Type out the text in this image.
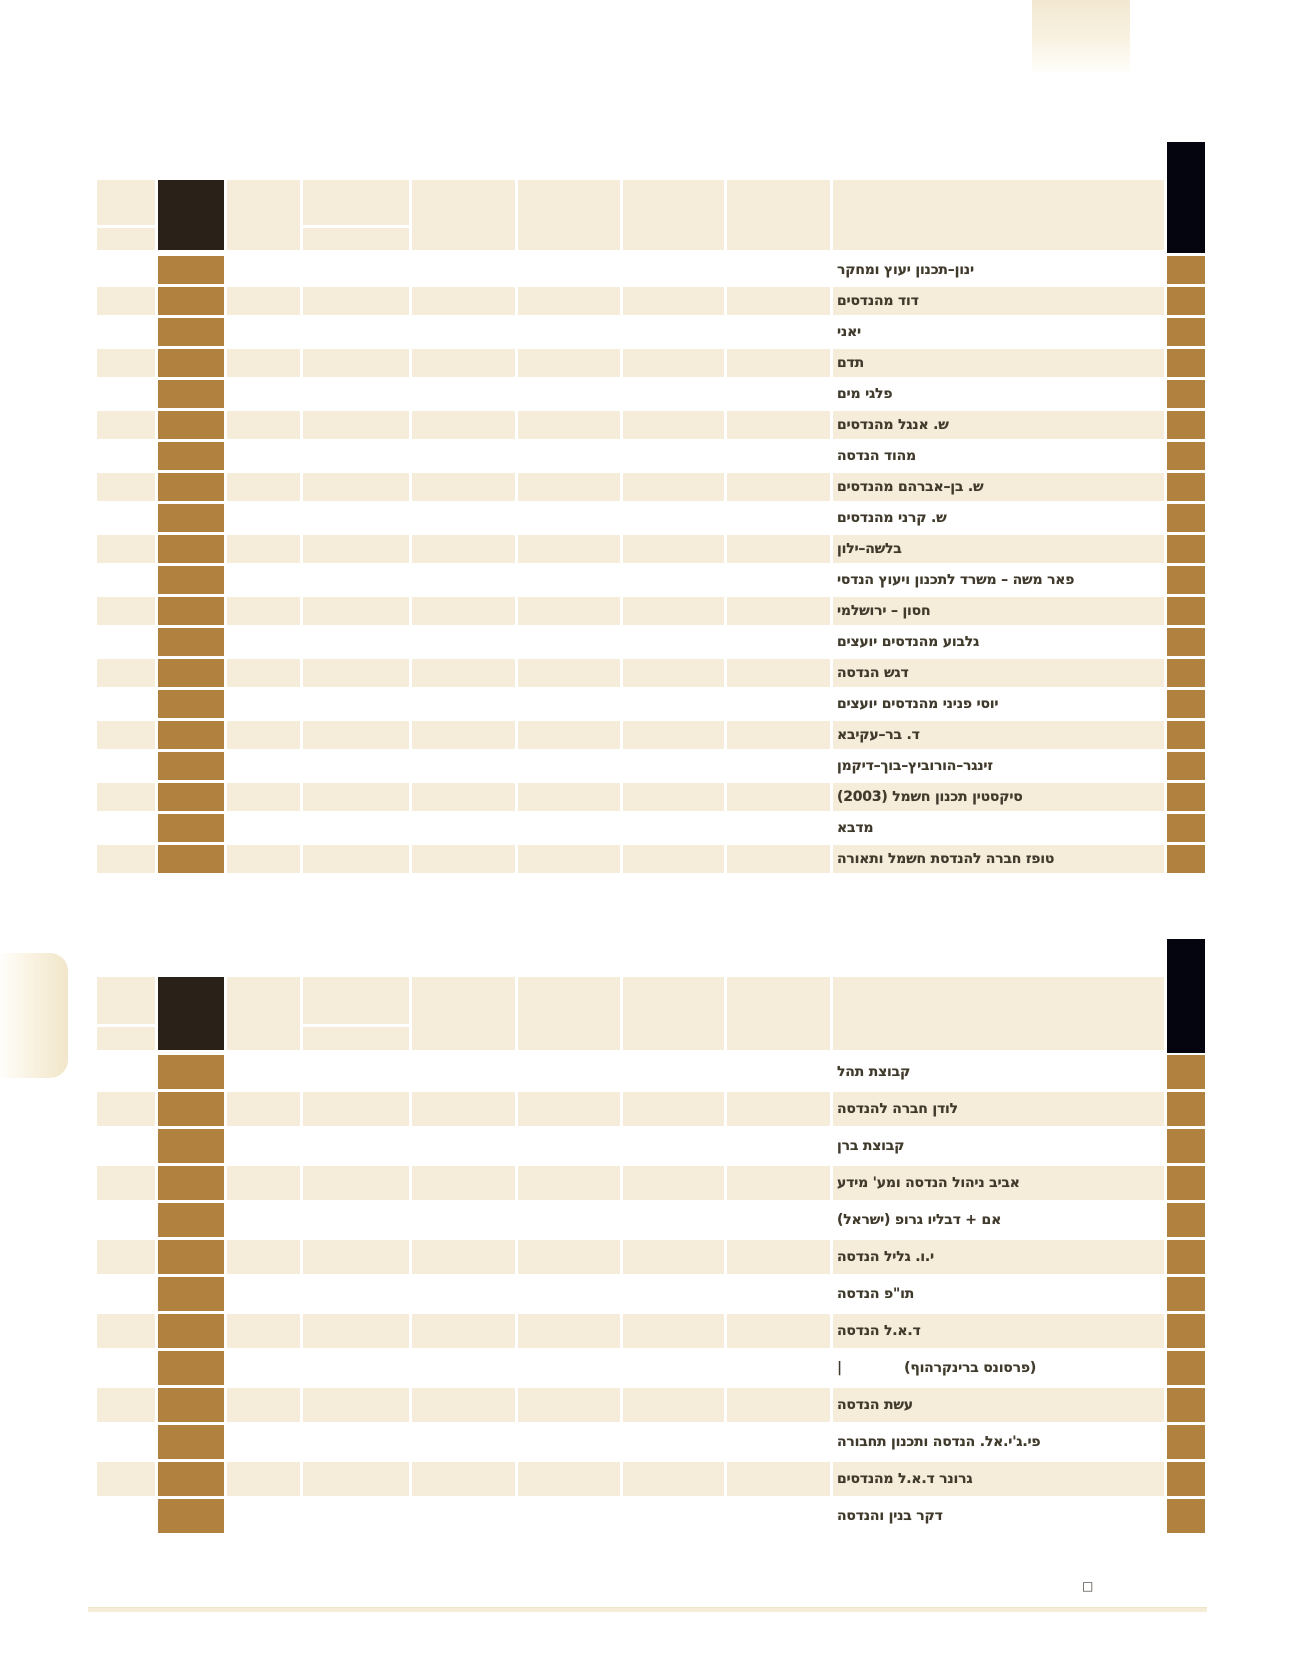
ינון–תכנון יעוץ ומחקר
דוד מהנדסים
יאני
תדם
פלגי מים
ש. אנגל מהנדסים
מהוד הנדסה
ש. בן–אברהם מהנדסים
ש. קרני מהנדסים
בלשה–ילון
פאר משה – משרד לתכנון ויעוץ הנדסי
חסון – ירושלמי
גלבוע מהנדסים יועצים
דגש הנדסה
יוסי פניני מהנדסים יועצים
ד. בר–עקיבא
זינגר–הורוביץ–בוך–דיקמן
סיקסטין תכנון חשמל (2003)
מדבא
טופז חברה להנדסת חשמל ותאורה
קבוצת תהל
לודן חברה להנדסה
קבוצת ברן
אביב ניהול הנדסה ומע' מידע
אם + דבליו גרופ (ישראל)
י.ו. גליל הנדסה
תו"פ הנדסה
ד.א.ל הנדסה
(פרסונס ברינקרהוף)
|
עשת הנדסה
פי.ג'י.אל. הנדסה ותכנון תחבורה
גרונר ד.א.ל מהנדסים
דקר בנין והנדסה
□
